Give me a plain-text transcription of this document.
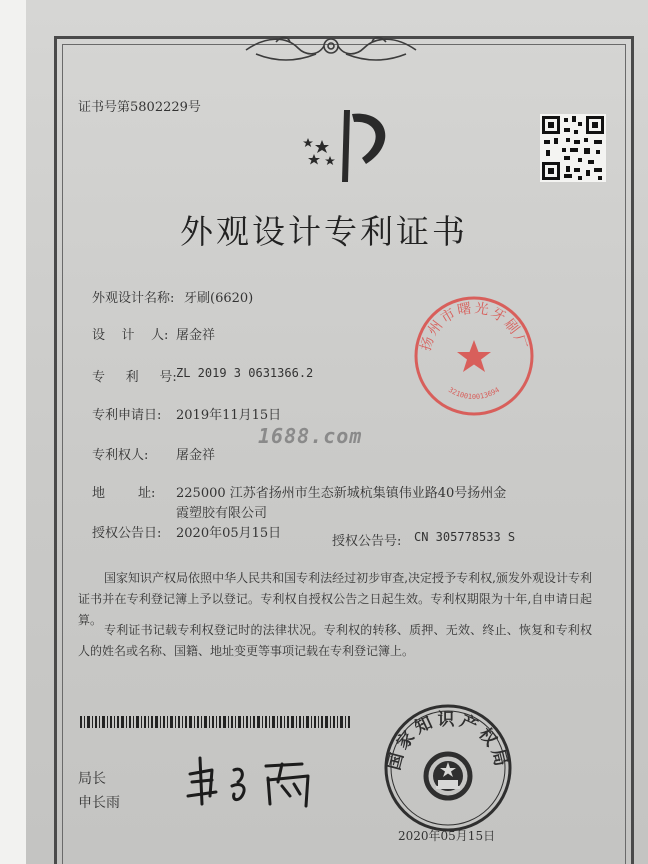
证书号第5802229号
外观设计专利证书
外观设计名称: 牙刷(6620)
设    计    人: 屠金祥
专     利     号: ZL 2019 3 0631366.2
专利申请日: 2019年11月15日
专利权人: 屠金祥
地        址: 225000 江苏省扬州市生态新城杭集镇伟业路40号扬州金
霞塑胶有限公司
授权公告日: 2020年05月15日
授权公告号: CN 305778533 S
1688.com
国家知识产权局依照中华人民共和国专利法经过初步审查,决定授予专利权,颁发外观设计专利证书并在专利登记簿上予以登记。专利权自授权公告之日起生效。专利权期限为十年,自申请日起算。
专利证书记载专利权登记时的法律状况。专利权的转移、质押、无效、终止、恢复和专利权人的姓名或名称、国籍、地址变更等事项记载在专利登记簿上。
扬州市曙光牙刷厂
3210010013694
国家知识产权局
局长
申长雨
2020年05月15日
